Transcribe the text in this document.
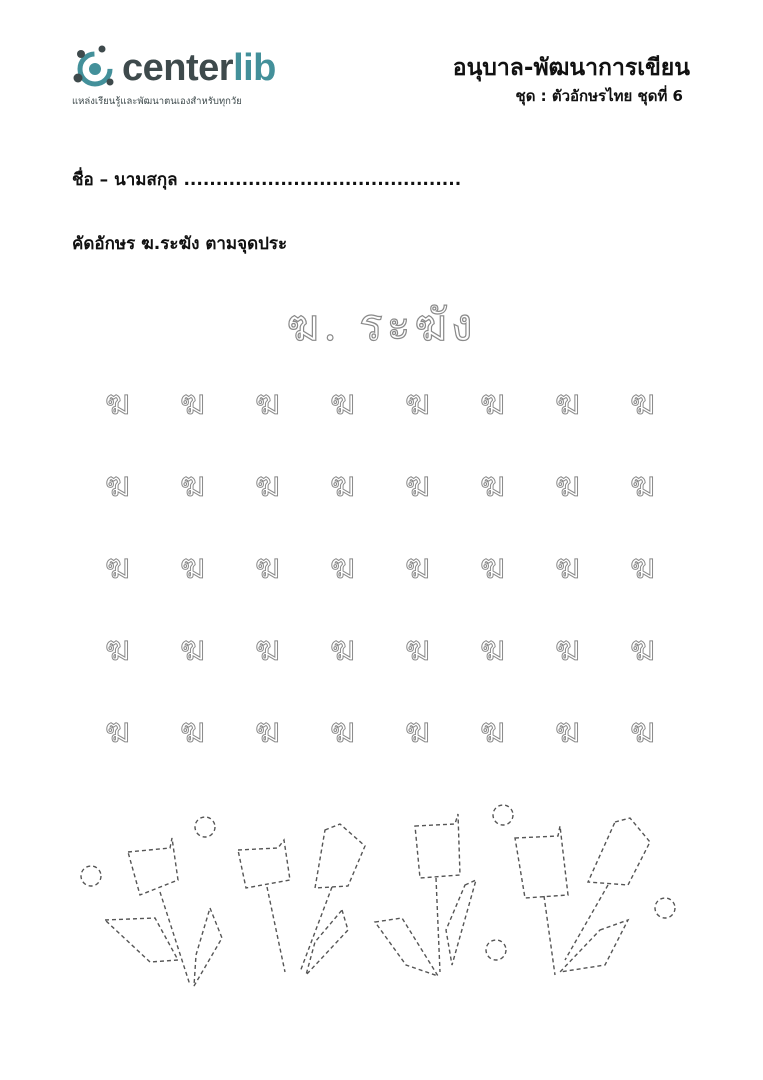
centerlib
แหล่งเรียนรู้และพัฒนาตนเองสำหรับทุกวัย
อนุบาล-พัฒนาการเขียน
ชุด : ตัวอักษรไทย ชุดที่ 6
ชื่อ – นามสกุล ...........................................
คัดอักษร ฆ.ระฆัง ตามจุดประ
ฆ. ระฆัง
ฆ	ฆ	ฆ	ฆ	ฆ	ฆ	ฆ	ฆ
ฆ	ฆ	ฆ	ฆ	ฆ	ฆ	ฆ	ฆ
ฆ	ฆ	ฆ	ฆ	ฆ	ฆ	ฆ	ฆ
ฆ	ฆ	ฆ	ฆ	ฆ	ฆ	ฆ	ฆ
ฆ	ฆ	ฆ	ฆ	ฆ	ฆ	ฆ	ฆ
